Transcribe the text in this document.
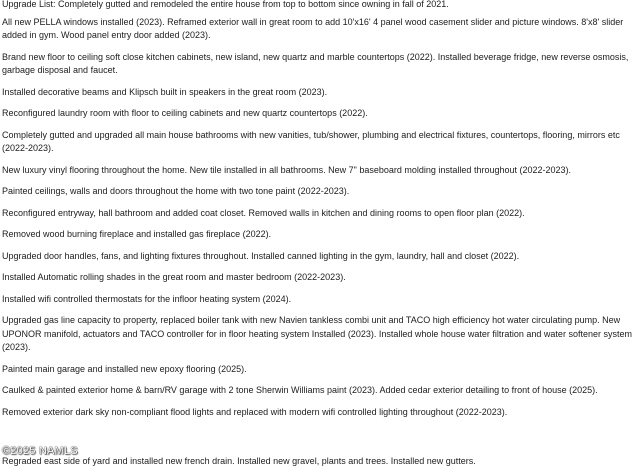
Upgrade List: Completely gutted and remodeled the entire house from top to bottom since owning in fall of 2021.

All new PELLA windows installed (2023). Reframed exterior wall in great room to add 10'x16' 4 panel wood casement slider and picture windows. 8'x8' slider added in gym. Wood panel entry door added (2023).

Brand new floor to ceiling soft close kitchen cabinets, new island, new quartz and marble countertops (2022). Installed beverage fridge, new reverse osmosis, garbage disposal and faucet.

Installed decorative beams and Klipsch built in speakers in the great room (2023).

Reconfigured laundry room with floor to ceiling cabinets and new quartz countertops (2022).

Completely gutted and upgraded all main house bathrooms with new vanities, tub/shower, plumbing and electrical fixtures, countertops, flooring, mirrors etc (2022-2023).

New luxury vinyl flooring throughout the home. New tile installed in all bathrooms. New 7" baseboard molding installed throughout (2022-2023).

Painted ceilings, walls and doors throughout the home with two tone paint (2022-2023).

Reconfigured entryway, hall bathroom and added coat closet. Removed walls in kitchen and dining rooms to open floor plan (2022).

Removed wood burning fireplace and installed gas fireplace (2022).

Upgraded door handles, fans, and lighting fixtures throughout. Installed canned lighting in the gym, laundry, hall and closet (2022).

Installed Automatic rolling shades in the great room and master bedroom (2022-2023).

Installed wifi controlled thermostats for the infloor heating system (2024).

Upgraded gas line capacity to property, replaced boiler tank with new Navien tankless combi unit and TACO high efficiency hot water circulating pump. New UPONOR manifold, actuators and TACO controller for in floor heating system Installed (2023). Installed whole house water filtration and water softener system (2023).

Painted main garage and installed new epoxy flooring (2025).

Caulked & painted exterior home & barn/RV garage with 2 tone Sherwin Williams paint (2023). Added cedar exterior detailing to front of house (2025).

Removed exterior dark sky non-compliant flood lights and replaced with modern wifi controlled lighting throughout (2022-2023).

Regraded east side of yard and installed new french drain. Installed new gravel, plants and trees. Installed new gutters.
©2025 NAMLS
